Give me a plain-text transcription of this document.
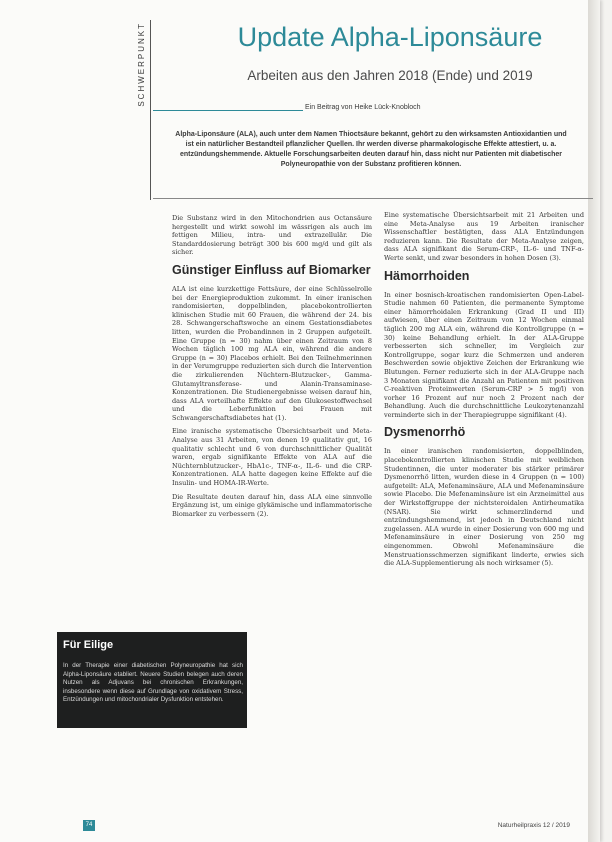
SCHWERPUNKT	Update Alpha-Liponsäure
Arbeiten aus den Jahren 2018 (Ende) und 2019
Ein Beitrag von Heike Lück-Knobloch
Alpha-Liponsäure (ALA), auch unter dem Namen Thioctsäure bekannt, gehört zu den wirksamsten Antioxidantien und ist ein natürlicher Bestandteil pflanzlicher Quellen. Ihr werden diverse pharmakologische Effekte attestiert, u. a. entzündungshemmende. Aktuelle Forschungsarbeiten deuten darauf hin, dass nicht nur Patienten mit diabetischer Polyneuropathie von der Substanz profitieren können.

Die Substanz wird in den Mitochondrien aus Octansäure hergestellt und wirkt sowohl im wässrigen als auch im fettigen Milieu, intra- und extrazellulär. Die Standarddosierung beträgt 300 bis 600 mg/d und gilt als sicher.

Günstiger Einfluss auf Biomarker

ALA ist eine kurzkettige Fettsäure, der eine Schlüsselrolle bei der Energieproduktion zukommt. In einer iranischen randomisierten, doppelblinden, placebokontrollierten klinischen Studie mit 60 Frauen, die während der 24. bis 28. Schwangerschaftswoche an einem Gestationsdiabetes litten, wurden die Probandinnen in 2 Gruppen aufgeteilt. Eine Gruppe (n = 30) nahm über einen Zeitraum von 8 Wochen täglich 100 mg ALA ein, während die andere Gruppe (n = 30) Placebos erhielt. Bei den Teilnehmerinnen in der Verumgruppe reduzierten sich durch die Intervention die zirkulierenden Nüchtern-Blutzucker-, Gamma-Glutamyltransferase- und Alanin-Transaminase-Konzentrationen. Die Studienergebnisse weisen darauf hin, dass ALA vorteilhafte Effekte auf den Glukosestoffwechsel und die Leberfunktion bei Frauen mit Schwangerschaftsdiabetes hat (1).

Eine iranische systematische Übersichtsarbeit und Meta-Analyse aus 31 Arbeiten, von denen 19 qualitativ gut, 16 qualitativ schlecht und 6 von durchschnittlicher Qualität waren, ergab signifikante Effekte von ALA auf die Nüchternblutzucker-, HbA1c-, TNF-α-, IL-6- und die CRP-Konzentrationen. ALA hatte dagegen keine Effekte auf die Insulin- und HOMA-IR-Werte.

Die Resultate deuten darauf hin, dass ALA eine sinnvolle Ergänzung ist, um einige glykämische und inflammatorische Biomarker zu verbessern (2).

Eine systematische Übersichtsarbeit mit 21 Arbeiten und eine Meta-Analyse aus 19 Arbeiten iranischer Wissenschaftler bestätigten, dass ALA Entzündungen reduzieren kann. Die Resultate der Meta-Analyse zeigen, dass ALA signifikant die Serum-CRP-, IL-6- und TNF-α-Werte senkt, und zwar besonders in hohen Dosen (3).

Hämorrhoiden

In einer bosnisch-kroatischen randomisierten Open-Label-Studie nahmen 60 Patienten, die permanente Symptome einer hämorrhoidalen Erkrankung (Grad II und III) aufwiesen, über einen Zeitraum von 12 Wochen einmal täglich 200 mg ALA ein, während die Kontrollgruppe (n = 30) keine Behandlung erhielt. In der ALA-Gruppe verbesserten sich schneller, im Vergleich zur Kontrollgruppe, sogar kurz die Schmerzen und anderen Beschwerden sowie objektive Zeichen der Erkrankung wie Blutungen. Ferner reduzierte sich in der ALA-Gruppe nach 3 Monaten signifikant die Anzahl an Patienten mit positiven C-reaktiven Proteinwerten (Serum-CRP > 5 mg/l) von vorher 16 Prozent auf nur noch 2 Prozent nach der Behandlung. Auch die durchschnittliche Leukozytenanzahl verminderte sich in der Therapiegruppe signifikant (4).

Dysmenorrhö

In einer iranischen randomisierten, doppelblinden, placebokontrollierten klinischen Studie mit weiblichen Studentinnen, die unter moderater bis stärker primärer Dysmenorrhö litten, wurden diese in 4 Gruppen (n = 100) aufgeteilt: ALA, Mefenaminsäure, ALA und Mefenaminsäure sowie Placebo. Die Mefenaminsäure ist ein Arzneimittel aus der Wirkstoffgruppe der nichtsteroidalen Antirheumatika (NSAR). Sie wirkt schmerzlindernd und entzündungshemmend, ist jedoch in Deutschland nicht zugelassen. ALA wurde in einer Dosierung von 600 mg und Mefenaminsäure in einer Dosierung von 250 mg eingenommen. Obwohl Mefenaminsäure die Menstruationsschmerzen signifikant linderte, erwies sich die ALA-Supplementierung als noch wirksamer (5).

Für Eilige
In der Therapie einer diabetischen Polyneuropathie hat sich Alpha-Liponsäure etabliert. Neuere Studien belegen auch deren Nutzen als Adjuvans bei chronischen Erkrankungen, insbesondere wenn diese auf Grundlage von oxidativem Stress, Entzündungen und mitochondrialer Dysfunktion entstehen.
74	Naturheilpraxis 12 / 2019
